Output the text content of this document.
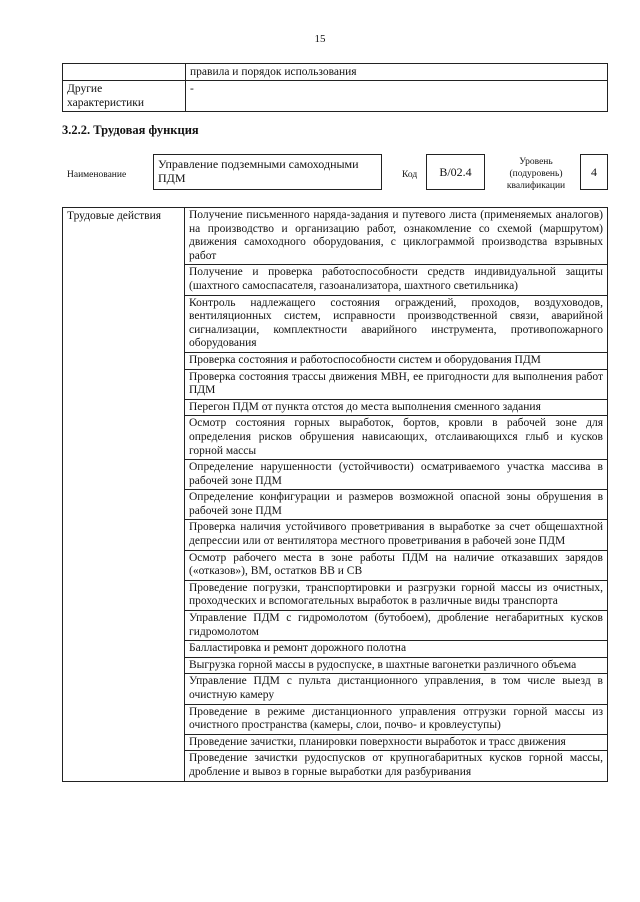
15
	правила и порядок использования
Другие характеристики	-
3.2.2. Трудовая функция
Наименование
Управление подземными самоходными ПДМ	Код	B/02.4
Уровень (подуровень) квалификации
4
Трудовые действия	Получение письменного наряда-задания и путевого листа (применяемых аналогов) на производство и организацию работ, ознакомление со схемой (маршрутом) движения самоходного оборудования, с циклограммой производства взрывных работ
Получение и проверка работоспособности средств индивидуальной защиты (шахтного самоспасателя, газоанализатора, шахтного светильника)
Контроль надлежащего состояния ограждений, проходов, воздуховодов, вентиляционных систем, исправности производственной связи, аварийной сигнализации, комплектности аварийного инструмента, противопожарного оборудования
Проверка состояния и работоспособности систем и оборудования ПДМ
Проверка состояния трассы движения МВН, ее пригодности для выполнения работ ПДМ
Перегон ПДМ от пункта отстоя до места выполнения сменного задания
Осмотр состояния горных выработок, бортов, кровли в рабочей зоне для определения рисков обрушения нависающих, отслаивающихся глыб и кусков горной массы
Определение нарушенности (устойчивости) осматриваемого участка массива в рабочей зоне ПДМ
Определение конфигурации и размеров возможной опасной зоны обрушения в рабочей зоне ПДМ
Проверка наличия устойчивого проветривания в выработке за счет общешахтной депрессии или от вентилятора местного проветривания в рабочей зоне ПДМ
Осмотр рабочего места в зоне работы ПДМ на наличие отказавших зарядов («отказов»), ВМ, остатков ВВ и СВ
Проведение погрузки, транспортировки и разгрузки горной массы из очистных, проходческих и вспомогательных выработок в различные виды транспорта
Управление ПДМ с гидромолотом (бутобоем), дробление негабаритных кусков гидромолотом
Балластировка и ремонт дорожного полотна
Выгрузка горной массы в рудоспуске, в шахтные вагонетки различного объема
Управление ПДМ с пульта дистанционного управления, в том числе выезд в очистную камеру
Проведение в режиме дистанционного управления отгрузки горной массы из очистного пространства (камеры, слои, почво- и кровлеуступы)
Проведение зачистки, планировки поверхности выработок и трасс движения
Проведение зачистки рудоспусков от крупногабаритных кусков горной массы, дробление и вывоз в горные выработки для разбуривания
